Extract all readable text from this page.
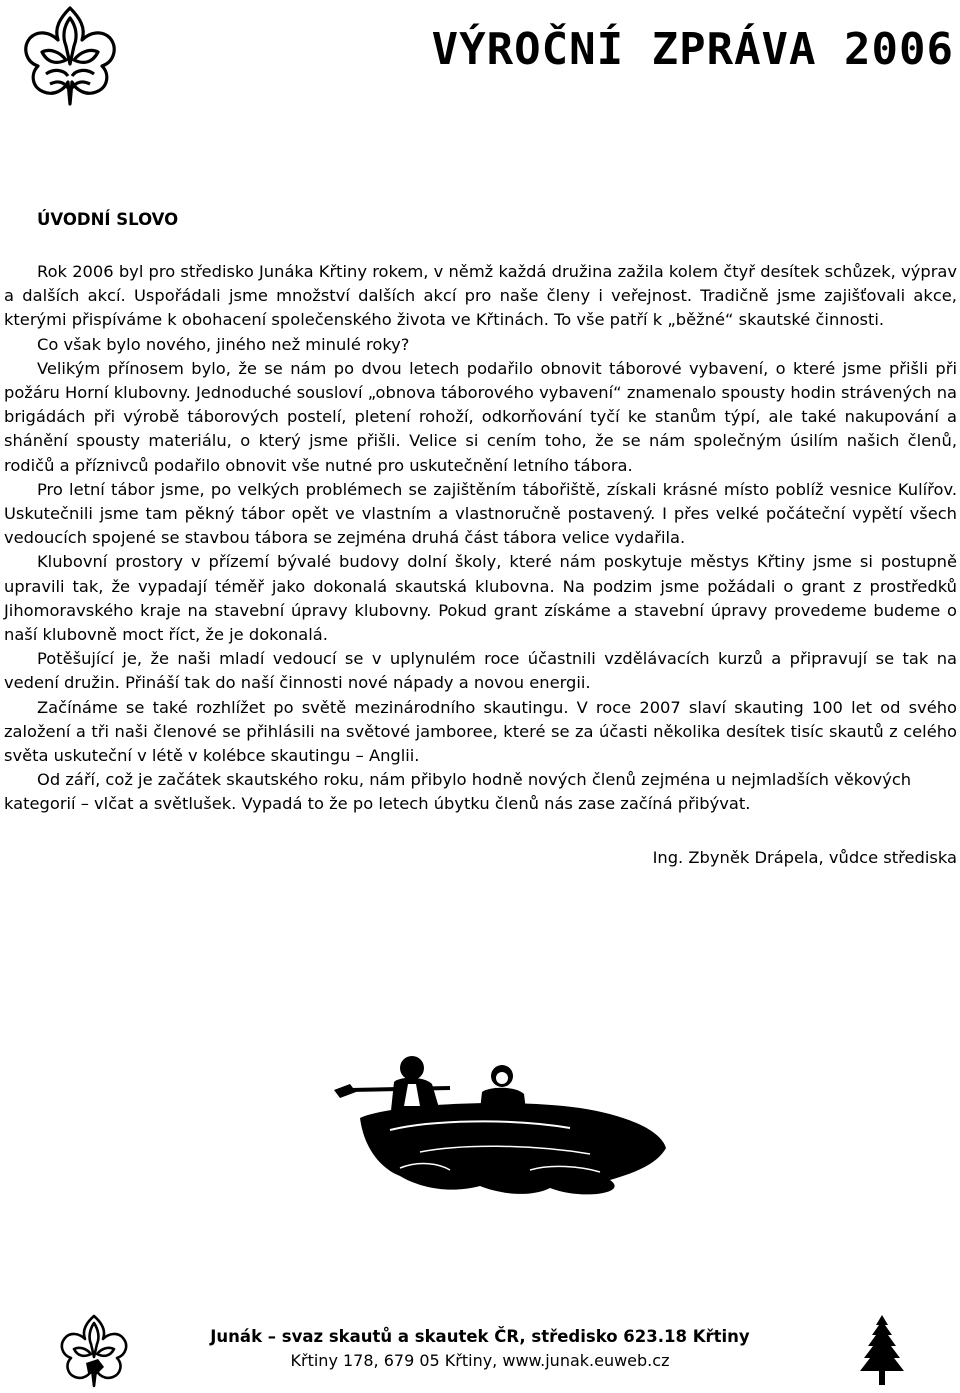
VÝROČNÍ ZPRÁVA 2006
ÚVODNÍ SLOVO

Rok 2006 byl pro středisko Junáka Křtiny rokem, v němž každá družina zažila kolem čtyř desítek schůzek, výprav a dalších akcí. Uspořádali jsme množství dalších akcí pro naše členy i veřejnost. Tradičně jsme zajišťovali akce, kterými přispíváme k obohacení společenského života ve Křtinách. To vše patří k „běžné“ skautské činnosti.

Co však bylo nového, jiného než minulé roky?

Velikým přínosem bylo, že se nám po dvou letech podařilo obnovit táborové vybavení, o které jsme přišli při požáru Horní klubovny. Jednoduché sousloví „obnova táborového vybavení“ znamenalo spousty hodin strávených na brigádách při výrobě táborových postelí, pletení rohoží, odkorňování tyčí ke stanům týpí, ale také nakupování a shánění spousty materiálu, o který jsme přišli. Velice si cením toho, že se nám společným úsilím našich členů, rodičů a příznivců podařilo obnovit vše nutné pro uskutečnění letního tábora.

Pro letní tábor jsme, po velkých problémech se zajištěním tábořiště, získali krásné místo poblíž vesnice Kulířov. Uskutečnili jsme tam pěkný tábor opět ve vlastním a vlastnoručně postavený. I přes velké počáteční vypětí všech vedoucích spojené se stavbou tábora se zejména druhá část tábora velice vydařila.

Klubovní prostory v přízemí bývalé budovy dolní školy, které nám poskytuje městys Křtiny jsme si postupně upravili tak, že vypadají téměř jako dokonalá skautská klubovna. Na podzim jsme požádali o grant z prostředků Jihomoravského kraje na stavební úpravy klubovny. Pokud grant získáme a stavební úpravy provedeme budeme o naší klubovně moct říct, že je dokonalá.

Potěšující je, že naši mladí vedoucí se v uplynulém roce účastnili vzdělávacích kurzů a připravují se tak na vedení družin. Přináší tak do naší činnosti nové nápady a novou energii.

Začínáme se také rozhlížet po světě mezinárodního skautingu. V roce 2007 slaví skauting 100 let od svého založení a tři naši členové se přihlásili na světové jamboree, které se za účasti několika desítek tisíc skautů z celého světa uskuteční v létě v kolébce skautingu – Anglii.

Od září, což je začátek skautského roku, nám přibylo hodně nových členů zejména u nejmladších věkových kategorií – vlčat a světlušek. Vypadá to že po letech úbytku členů nás zase začíná přibývat.

Ing. Zbyněk Drápela, vůdce střediska

Junák – svaz skautů a skautek ČR, středisko 623.18 Křtiny

Křtiny 178, 679 05 Křtiny, www.junak.euweb.cz
